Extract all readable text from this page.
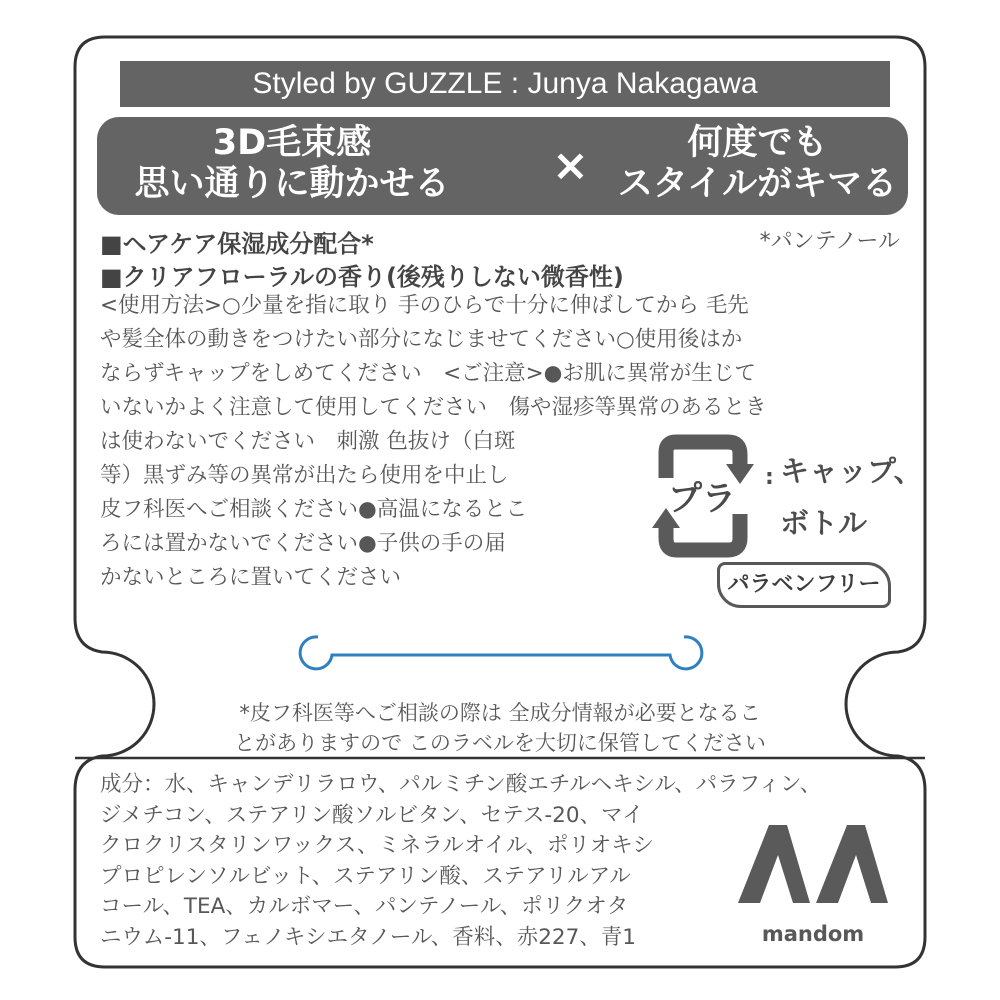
Styled by GUZZLE : Junya Nakagawa
3D毛束感
思い通りに動かせる	×	何度でも
スタイルがキマる
■ヘアケア保湿成分配合*	*パンテノール
■クリアフローラルの香り(後残りしない微香性)
<使用方法>○少量を指に取り 手のひらで十分に伸ばしてから 毛先
や髪全体の動きをつけたい部分になじませてください○使用後はか
ならずキャップをしめてください　<ご注意>●お肌に異常が生じて
いないかよく注意して使用してください　傷や湿疹等異常のあるとき
は使わないでください　刺激 色抜け（白斑
等）黒ずみ等の異常が出たら使用を中止し
皮フ科医へご相談ください●高温になるとこ
ろには置かないでください●子供の手の届
かないところに置いてください
プラ
: キャップ、
ボトル
パラベンフリー
*皮フ科医等へご相談の際は 全成分情報が必要となるこ
とがありますので このラベルを大切に保管してください
成分：水、キャンデリラロウ、パルミチン酸エチルヘキシル、パラフィン、
ジメチコン、ステアリン酸ソルビタン、セテス-20、マイ
クロクリスタリンワックス、ミネラルオイル、ポリオキシ
プロピレンソルビット、ステアリン酸、ステアリルアル
コール、TEA、カルボマー、パンテノール、ポリクオタ
ニウム-11、フェノキシエタノール、香料、赤227、青1	mandom
